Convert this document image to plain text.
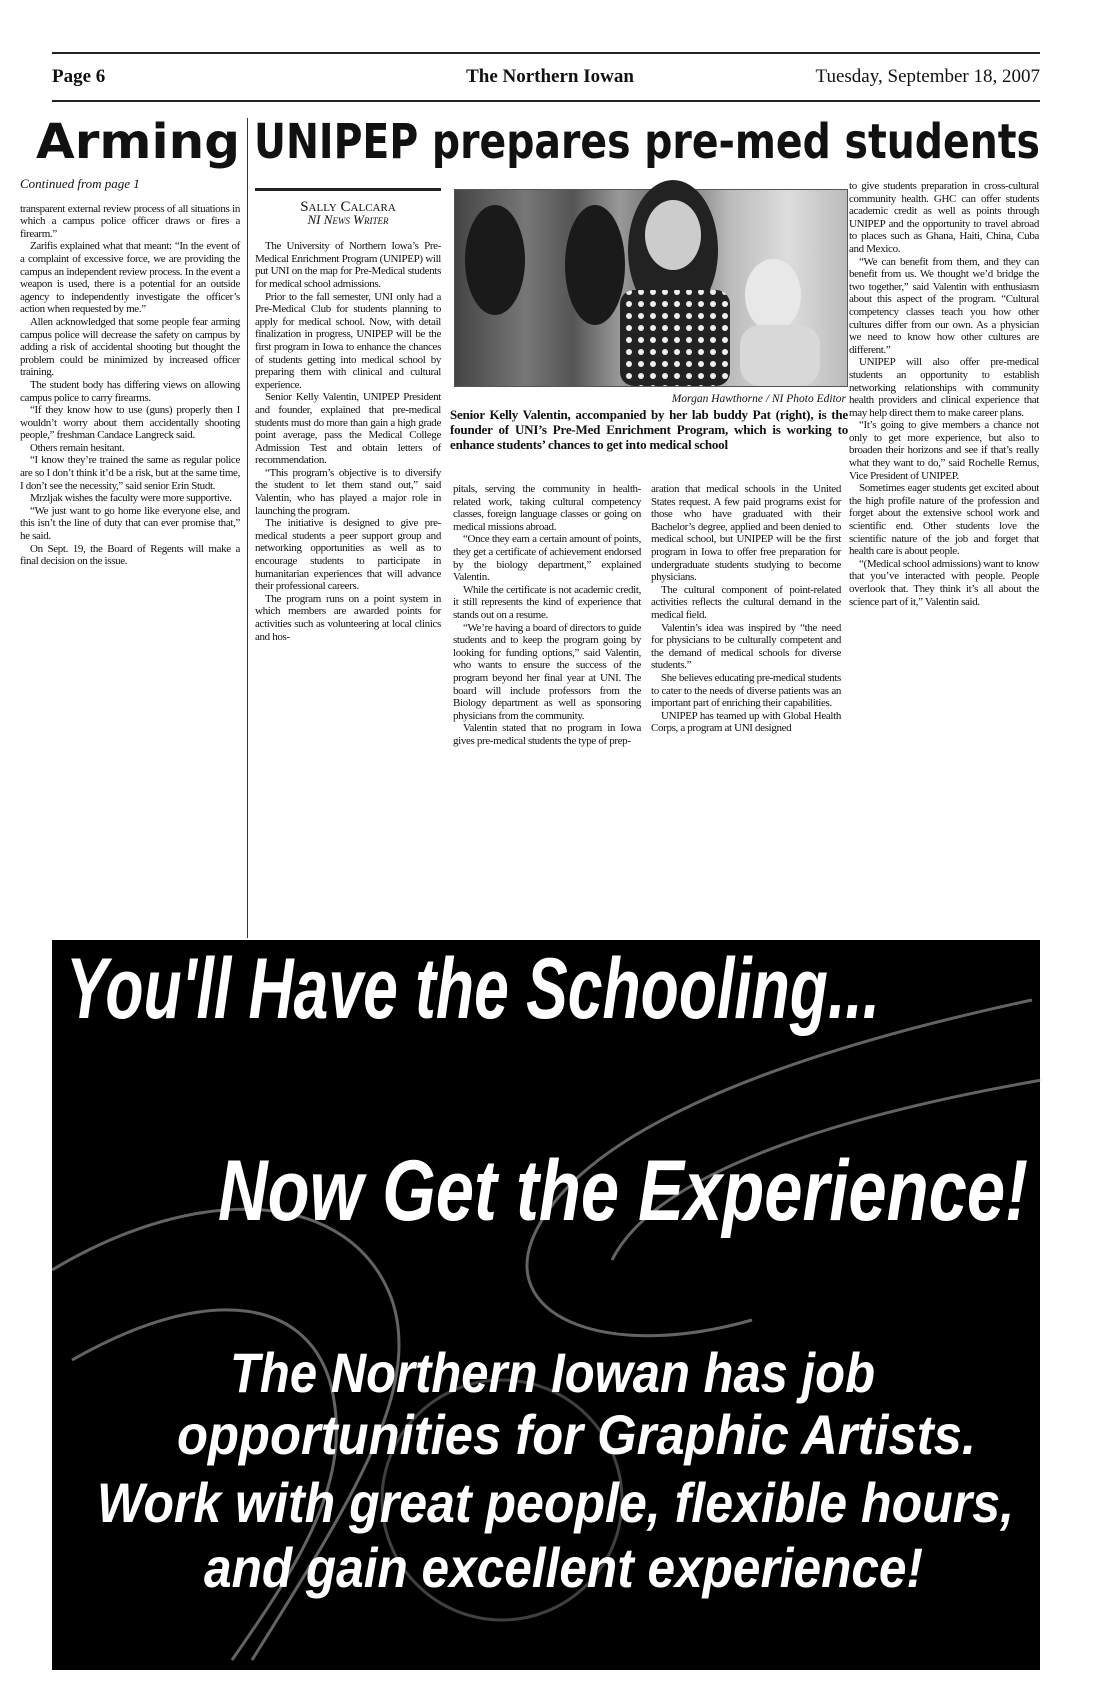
Page 6	The Northern Iowan	Tuesday, September 18, 2007
Arming UNIPEP prepares pre-med students
Continued from page 1

transparent external review process of all situations in which a campus police officer draws or fires a firearm.”

Zarifis explained what that meant: “In the event of a complaint of excessive force, we are providing the campus an independent review process. In the event a weapon is used, there is a potential for an outside agency to independently investigate the officer’s action when requested by me.”

Allen acknowledged that some people fear arming campus police will decrease the safety on campus by adding a risk of accidental shooting but thought the problem could be minimized by increased officer training.

The student body has differing views on allowing campus police to carry firearms.

“If they know how to use (guns) properly then I wouldn’t worry about them accidentally shooting people,” freshman Candace Langreck said.

Others remain hesitant.

“I know they’re trained the same as regular police are so I don’t think it’d be a risk, but at the same time, I don’t see the necessity,” said senior Erin Studt.

Mrzljak wishes the faculty were more supportive.

“We just want to go home like everyone else, and this isn’t the line of duty that can ever promise that,” he said.

On Sept. 19, the Board of Regents will make a final decision on the issue.

Sally Calcara
NI News Writer

The University of Northern Iowa’s Pre-Medical Enrichment Program (UNIPEP) will put UNI on the map for Pre-Medical students for medical school admissions.

Prior to the fall semester, UNI only had a Pre-Medical Club for students planning to apply for medical school. Now, with detail finalization in progress, UNIPEP will be the first program in Iowa to enhance the chances of students getting into medical school by preparing them with clinical and cultural experience.

Senior Kelly Valentin, UNIPEP President and founder, explained that pre-medical students must do more than gain a high grade point average, pass the Medical College Admission Test and obtain letters of recommendation.

“This program’s objective is to diversify the student to let them stand out,” said Valentin, who has played a major role in launching the program.

The initiative is designed to give pre-medical students a peer support group and networking opportunities as well as to encourage students to participate in humanitarian experiences that will advance their professional careers.

The program runs on a point system in which members are awarded points for activities such as volunteering at local clinics and hos-

Morgan Hawthorne / NI Photo Editor
Senior Kelly Valentin, accompanied by her lab buddy Pat (right), is the founder of UNI’s Pre-Med Enrichment Program, which is working to enhance students’ chances to get into medical school

pitals, serving the community in health-related work, taking cultural competency classes, foreign language classes or going on medical missions abroad.

“Once they earn a certain amount of points, they get a certificate of achievement endorsed by the biology department,” explained Valentin.

While the certificate is not academic credit, it still represents the kind of experience that stands out on a resume.

“We’re having a board of directors to guide students and to keep the program going by looking for funding options,” said Valentin, who wants to ensure the success of the program beyond her final year at UNI. The board will include professors from the Biology department as well as sponsoring physicians from the community.

Valentin stated that no program in Iowa gives pre-medical students the type of prep-

aration that medical schools in the United States request. A few paid programs exist for those who have graduated with their Bachelor’s degree, applied and been denied to medical school, but UNIPEP will be the first program in Iowa to offer free preparation for undergraduate students studying to become physicians.

The cultural component of point-related activities reflects the cultural demand in the medical field.

Valentin’s idea was inspired by “the need for physicians to be culturally competent and the demand of medical schools for diverse students.”

She believes educating pre-medical students to cater to the needs of diverse patients was an important part of enriching their capabilities.

UNIPEP has teamed up with Global Health Corps, a program at UNI designed

to give students preparation in cross-cultural community health. GHC can offer students academic credit as well as points through UNIPEP and the opportunity to travel abroad to places such as Ghana, Haiti, China, Cuba and Mexico.

“We can benefit from them, and they can benefit from us. We thought we’d bridge the two together,” said Valentin with enthusiasm about this aspect of the program. “Cultural competency classes teach you how other cultures differ from our own. As a physician we need to know how other cultures are different.”

UNIPEP will also offer pre-medical students an opportunity to establish networking relationships with community health providers and clinical experience that may help direct them to make career plans.

“It’s going to give members a chance not only to get more experience, but also to broaden their horizons and see if that’s really what they want to do,” said Rochelle Remus, Vice President of UNIPEP.

Sometimes eager students get excited about the high profile nature of the profession and forget about the extensive school work and scientific end. Other students love the scientific nature of the job and forget that health care is about people.

“(Medical school admissions) want to know that you’ve interacted with people. People overlook that. They think it’s all about the science part of it,” Valentin said.

You'll Have the Schooling...
Now Get the Experience!
The Northern Iowan has job
opportunities for Graphic Artists.
Work with great people, flexible hours,
and gain excellent experience!
